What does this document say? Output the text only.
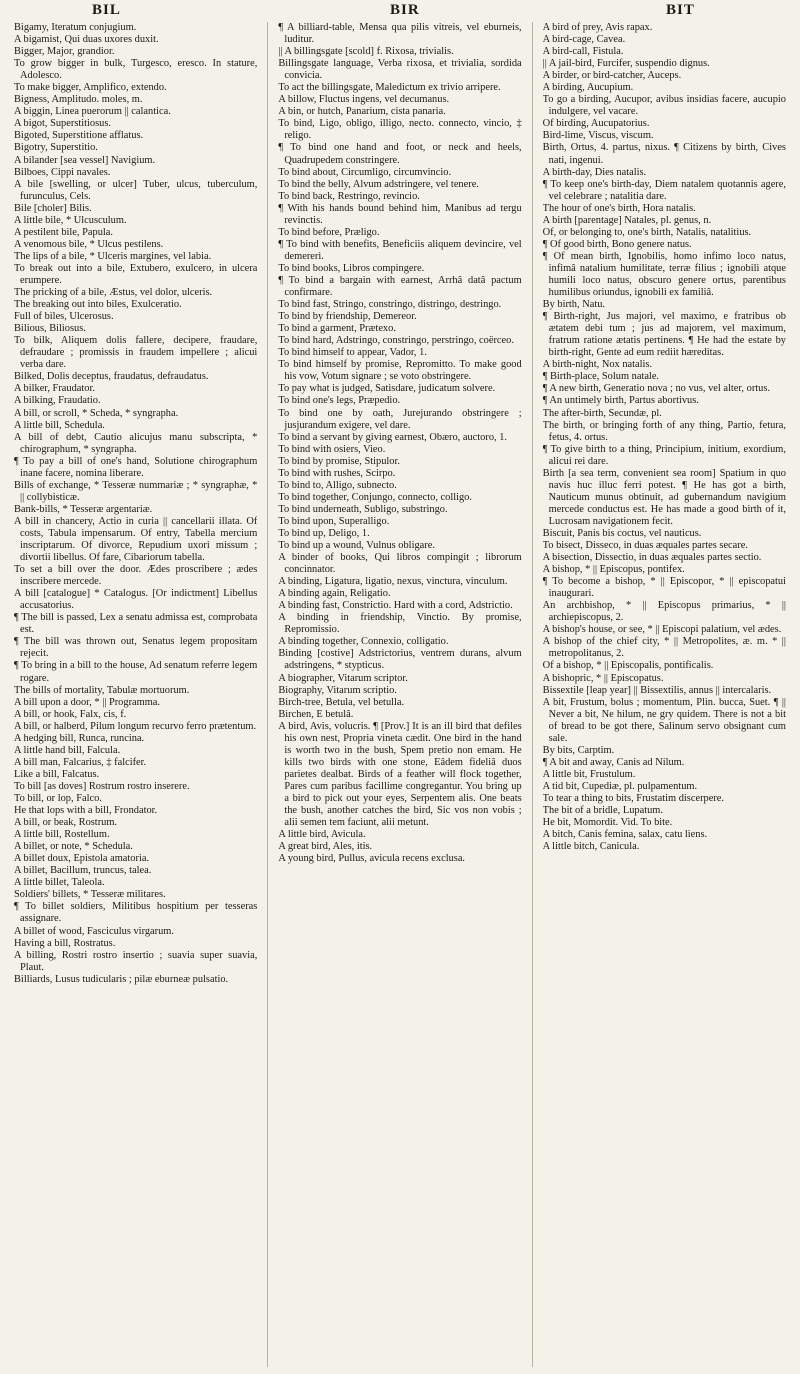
BIL	BIR	BIT

Bigamy, Iteratum conjugium.

A bigamist, Qui duas uxores duxit.

Bigger, Major, grandior.

To grow bigger in bulk, Turgesco, eresco. In stature, Adolesco.

To make bigger, Amplifico, extendo.

Bigness, Amplitudo. moles, m.

A biggin, Linea puerorum || calantica.

A bigot, Superstitiosus.

Bigoted, Superstitione afflatus.

Bigotry, Superstitio.

A bilander [sea vessel] Navigium.

Bilboes, Cippi navales.

A bile [swelling, or ulcer] Tuber, ulcus, tuberculum, furunculus, Cels.

Bile [choler] Bilis.

A little bile, * Ulcusculum.

A pestilent bile, Papula.

A venomous bile, * Ulcus pestilens.

The lips of a bile, * Ulceris margines, vel labia.

To break out into a bile, Extubero, exulcero, in ulcera erumpere.

The pricking of a bile, Æstus, vel dolor, ulceris.

The breaking out into biles, Exulceratio.

Full of biles, Ulcerosus.

Bilious, Biliosus.

To bilk, Aliquem dolis fallere, decipere, fraudare, defraudare ; promissis in fraudem impellere ; alicui verba dare.

Bilked, Dolis deceptus, fraudatus, defraudatus.

A bilker, Fraudator.

A bilking, Fraudatio.

A bill, or scroll, * Scheda, * syngrapha.

A little bill, Schedula.

A bill of debt, Cautio alicujus manu subscripta, * chirographum, * syngrapha.

¶ To pay a bill of one's hand, Solutione chirographum inane facere, nomina liberare.

Bills of exchange, * Tesseræ nummariæ ; * syngraphæ, * || collybisticæ.

Bank-bills, * Tesseræ argentariæ.

A bill in chancery, Actio in curia || cancellarii illata. Of costs, Tabula impensarum. Of entry, Tabella mercium inscriptarum. Of divorce, Repudium uxori missum ; divortii libellus. Of fare, Cibariorum tabella.

To set a bill over the door. Ædes proscribere ; ædes inscribere mercede.

A bill [catalogue] * Catalogus. [Or indictment] Libellus accusatorius.

¶ The bill is passed, Lex a senatu admissa est, comprobata est.

¶ The bill was thrown out, Senatus legem propositam rejecit.

¶ To bring in a bill to the house, Ad senatum referre legem rogare.

The bills of mortality, Tabulæ mortuorum.

A bill upon a door, * || Programma.

A bill, or hook, Falx, cis, f.

A bill, or halberd, Pilum longum recurvo ferro prætentum.

A hedging bill, Runca, runcina.

A little hand bill, Falcula.

A bill man, Falcarius, ‡ falcifer.

Like a bill, Falcatus.

To bill [as doves] Rostrum rostro inserere.

To bill, or lop, Falco.

He that lops with a bill, Frondator.

A bill, or beak, Rostrum.

A little bill, Rostellum.

A billet, or note, * Schedula.

A billet doux, Epistola amatoria.

A billet, Bacillum, truncus, talea.

A little billet, Taleola.

Soldiers' billets, * Tesseræ militares.

¶ To billet soldiers, Militibus hospitium per tesseras assignare.

A billet of wood, Fasciculus virgarum.

Having a bill, Rostratus.

A billing, Rostri rostro insertio ; suavia super suavia, Plaut.

Billiards, Lusus tudicularis ; pilæ eburneæ pulsatio.

¶ A billiard-table, Mensa qua pilis vitreis, vel eburneis, luditur.

|| A billingsgate [scold] f. Rixosa, trivialis.

Billingsgate language, Verba rixosa, et trivialia, sordida convicia.

To act the billingsgate, Maledictum ex trivio arripere.

A billow, Fluctus ingens, vel decumanus.

A bin, or hutch, Panarium, cista panaria.

To bind, Ligo, obligo, illigo, necto. connecto, vincio, ‡ religo.

¶ To bind one hand and foot, or neck and heels, Quadrupedem constringere.

To bind about, Circumligo, circumvincio.

To bind the belly, Alvum adstringere, vel tenere.

To bind back, Restringo, revincio.

¶ With his hands bound behind him, Manibus ad tergu revinctis.

To bind before, Præligo.

¶ To bind with benefits, Beneficiis aliquem devincire, vel demereri.

To bind books, Libros compingere.

¶ To bind a bargain with earnest, Arrhâ datâ pactum confirmare.

To bind fast, Stringo, constringo, distringo, destringo.

To bind by friendship, Demereor.

To bind a garment, Prætexo.

To bind hard, Adstringo, constringo, perstringo, coërceo.

To bind himself to appear, Vador, 1.

To bind himself by promise, Repromitto. To make good his vow, Votum signare ; se voto obstringere.

To pay what is judged, Satisdare, judicatum solvere.

To bind one's legs, Præpedio.

To bind one by oath, Jurejurando obstringere ; jusjurandum exigere, vel dare.

To bind a servant by giving earnest, Obæro, auctoro, 1.

To bind with osiers, Vieo.

To bind by promise, Stipulor.

To bind with rushes, Scirpo.

To bind to, Alligo, subnecto.

To bind together, Conjungo, connecto, colligo.

To bind underneath, Subligo, substringo.

To bind upon, Superalligo.

To bind up, Deligo, 1.

To bind up a wound, Vulnus obligare.

A binder of books, Qui libros compingit ; librorum concinnator.

A binding, Ligatura, ligatio, nexus, vinctura, vinculum.

A binding again, Religatio.

A binding fast, Constrictio. Hard with a cord, Adstrictio.

A binding in friendship, Vinctio. By promise, Repromissio.

A binding together, Connexio, colligatio.

Binding [costive] Adstrictorius, ventrem durans, alvum adstringens, * stypticus.

A biographer, Vitarum scriptor.

Biography, Vitarum scriptio.

Birch-tree, Betula, vel betulla.

Birchen, E betulâ.

A bird, Avis, volucris. ¶ [Prov.] It is an ill bird that defiles his own nest, Propria vineta cædit. One bird in the hand is worth two in the bush, Spem pretio non emam. He kills two birds with one stone, Eâdem fideliâ duos parietes dealbat. Birds of a feather will flock together, Pares cum paribus facillime congregantur. You bring up a bird to pick out your eyes, Serpentem alis. One beats the bush, another catches the bird, Sic vos non vobis ; alii semen tem faciunt, alii metunt.

A little bird, Avicula.

A great bird, Ales, itis.

A young bird, Pullus, avicula recens exclusa.

A bird of prey, Avis rapax.

A bird-cage, Cavea.

A bird-call, Fistula.

|| A jail-bird, Furcifer, suspendio dignus.

A birder, or bird-catcher, Auceps.

A birding, Aucupium.

To go a birding, Aucupor, avibus insidias facere, aucupio indulgere, vel vacare.

Of birding, Aucupatorius.

Bird-lime, Viscus, viscum.

Birth, Ortus, 4. partus, nixus. ¶ Citizens by birth, Cives nati, ingenui.

A birth-day, Dies natalis.

¶ To keep one's birth-day, Diem natalem quotannis agere, vel celebrare ; natalitia dare.

The hour of one's birth, Hora natalis.

A birth [parentage] Natales, pl. genus, n.

Of, or belonging to, one's birth, Natalis, natalitius.

¶ Of good birth, Bono genere natus.

¶ Of mean birth, Ignobilis, homo infimo loco natus, infimâ natalium humilitate, terræ filius ; ignobili atque humili loco natus, obscuro genere ortus, parentibus humilibus oriundus, ignobili ex familiâ.

By birth, Natu.

¶ Birth-right, Jus majori, vel maximo, e fratribus ob ætatem debi tum ; jus ad majorem, vel maximum, fratrum ratione ætatis pertinens. ¶ He had the estate by birth-right, Gente ad eum rediit hæreditas.

A birth-night, Nox natalis.

¶ Birth-place, Solum natale.

¶ A new birth, Generatio nova ; no vus, vel alter, ortus.

¶ An untimely birth, Partus abortivus.

The after-birth, Secundæ, pl.

The birth, or bringing forth of any thing, Partio, fetura, fetus, 4. ortus.

¶ To give birth to a thing, Principium, initium, exordium, alicui rei dare.

Birth [a sea term, convenient sea room] Spatium in quo navis huc illuc ferri potest. ¶ He has got a birth, Nauticum munus obtinuit, ad gubernandum navigium mercede conductus est. He has made a good birth of it, Lucrosam navigationem fecit.

Biscuit, Panis bis coctus, vel nauticus.

To bisect, Disseco, in duas æquales partes secare.

A bisection, Dissectio, in duas æquales partes sectio.

A bishop, * || Episcopus, pontifex.

¶ To become a bishop, * || Episcopor, * || episcopatui inaugurari.

An archbishop, * || Episcopus primarius, * || archiepiscopus, 2.

A bishop's house, or see, * || Episcopi palatium, vel ædes.

A bishop of the chief city, * || Metropolites, æ. m. * || metropolitanus, 2.

Of a bishop, * || Episcopalis, pontificalis.

A bishopric, * || Episcopatus.

Bissextile [leap year] || Bissextilis, annus || intercalaris.

A bit, Frustum, bolus ; momentum, Plin. bucca, Suet. ¶ || Never a bit, Ne hilum, ne gry quidem. There is not a bit of bread to be got there, Salinum servo obsignant cum sale.

By bits, Carptim.

¶ A bit and away, Canis ad Nilum.

A little bit, Frustulum.

A tid bit, Cupediæ, pl. pulpamentum.

To tear a thing to bits, Frustatim discerpere.

The bit of a bridle, Lupatum.

He bit, Momordit. Vid. To bite.

A bitch, Canis femina, salax, catu liens.

A little bitch, Canicula.
